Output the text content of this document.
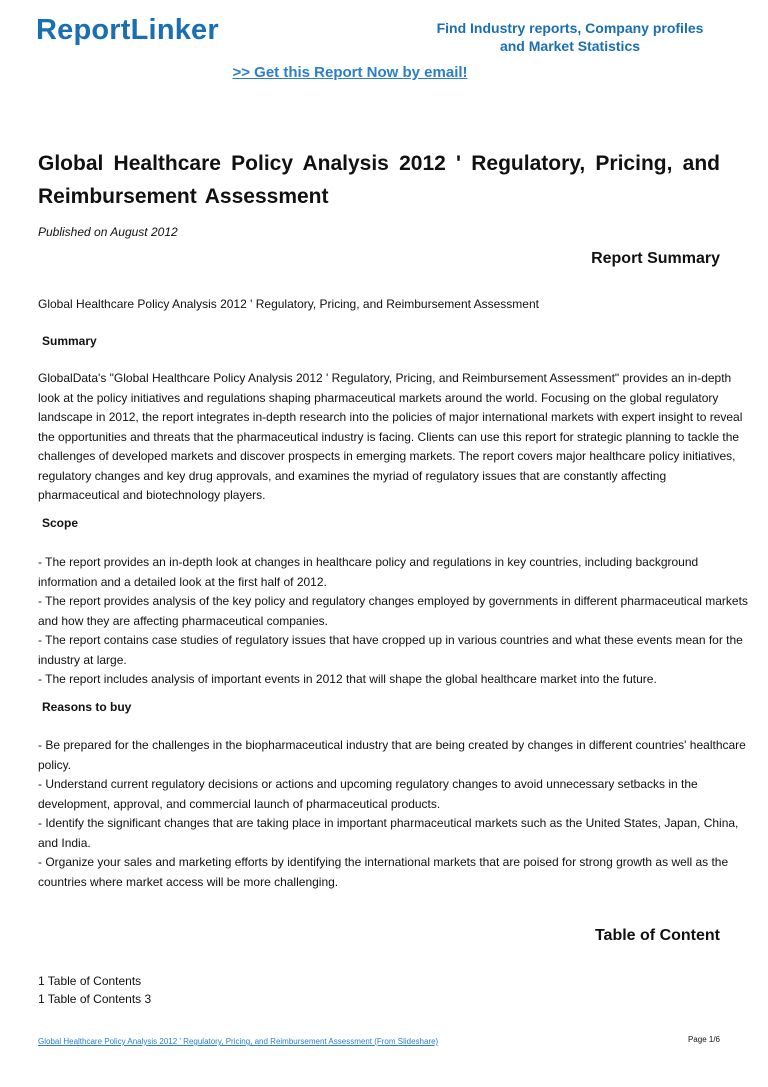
ReportLinker	Find Industry reports, Company profiles
and Market Statistics
>> Get this Report Now by email!
Global Healthcare Policy Analysis 2012 ' Regulatory, Pricing, and Reimbursement Assessment
Published on August 2012
Report Summary
Global Healthcare Policy Analysis 2012 ' Regulatory, Pricing, and Reimbursement Assessment
Summary
GlobalData's "Global Healthcare Policy Analysis 2012 ' Regulatory, Pricing, and Reimbursement Assessment" provides an in-depth
look at the policy initiatives and regulations shaping pharmaceutical markets around the world. Focusing on the global regulatory
landscape in 2012, the report integrates in-depth research into the policies of major international markets with expert insight to reveal
the opportunities and threats that the pharmaceutical industry is facing. Clients can use this report for strategic planning to tackle the
challenges of developed markets and discover prospects in emerging markets. The report covers major healthcare policy initiatives,
regulatory changes and key drug approvals, and examines the myriad of regulatory issues that are constantly affecting
pharmaceutical and biotechnology players.
Scope
- The report provides an in-depth look at changes in healthcare policy and regulations in key countries, including background
information and a detailed look at the first half of 2012.
- The report provides analysis of the key policy and regulatory changes employed by governments in different pharmaceutical markets
and how they are affecting pharmaceutical companies.
- The report contains case studies of regulatory issues that have cropped up in various countries and what these events mean for the
industry at large.
- The report includes analysis of important events in 2012 that will shape the global healthcare market into the future.
Reasons to buy
- Be prepared for the challenges in the biopharmaceutical industry that are being created by changes in different countries' healthcare
policy.
- Understand current regulatory decisions or actions and upcoming regulatory changes to avoid unnecessary setbacks in the
development, approval, and commercial launch of pharmaceutical products.
- Identify the significant changes that are taking place in important pharmaceutical markets such as the United States, Japan, China,
and India.
- Organize your sales and marketing efforts by identifying the international markets that are poised for strong growth as well as the
countries where market access will be more challenging.
Table of Content
1 Table of Contents
1 Table of Contents 3
Global Healthcare Policy Analysis 2012 ' Regulatory, Pricing, and Reimbursement Assessment (From Slideshare)	Page 1/6
